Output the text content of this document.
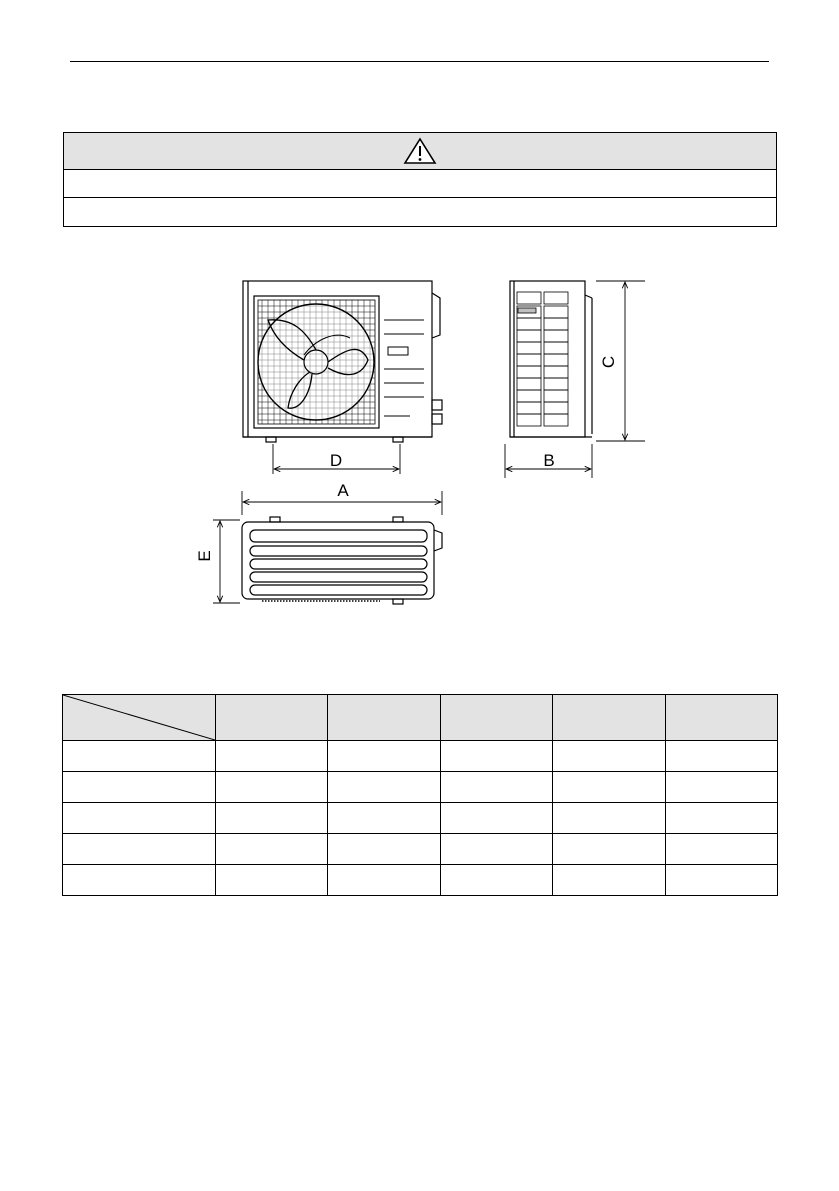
D
A
B
C
E
